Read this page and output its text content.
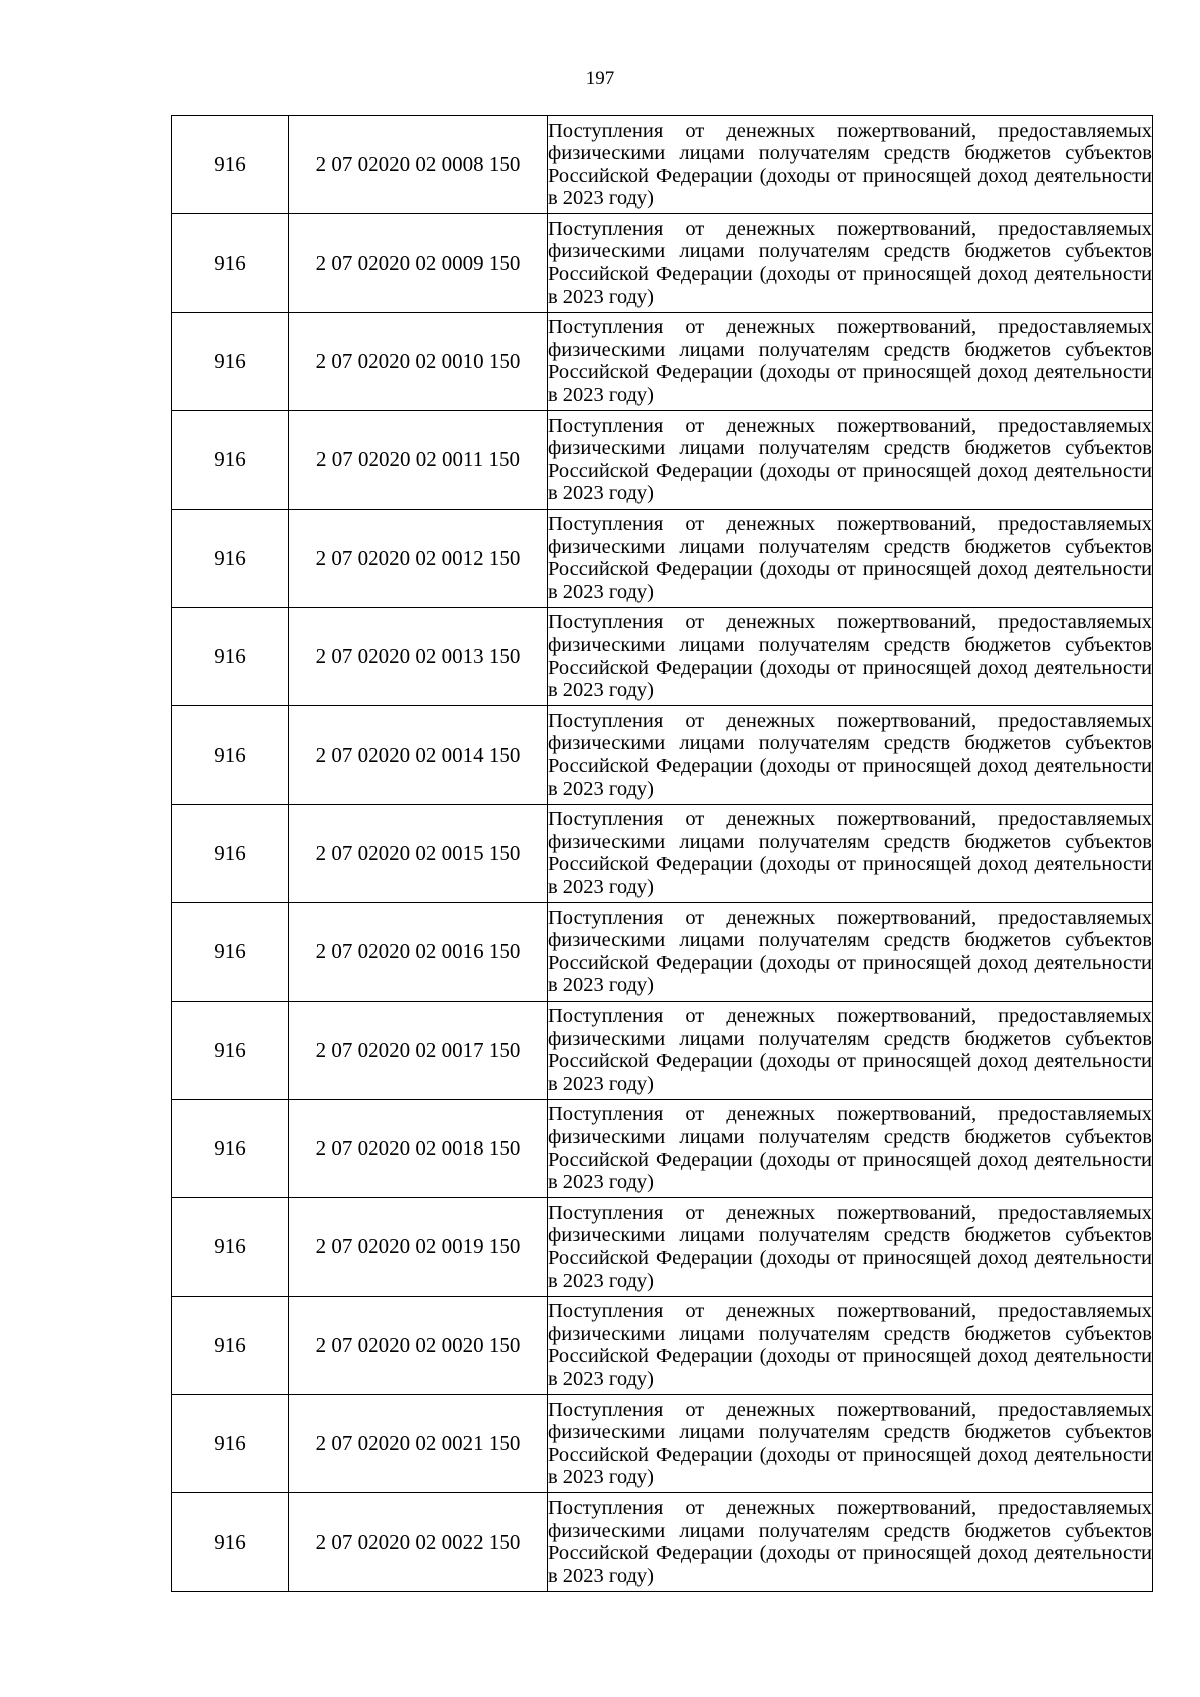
197
916	2 07 02020 02 0008 150	Поступления от денежных пожертвований, предоставляемых физическими лицами получателям средств бюджетов субъектов Российской Федерации (доходы от приносящей доход деятельности в 2023 году)
916	2 07 02020 02 0009 150	Поступления от денежных пожертвований, предоставляемых физическими лицами получателям средств бюджетов субъектов Российской Федерации (доходы от приносящей доход деятельности в 2023 году)
916	2 07 02020 02 0010 150	Поступления от денежных пожертвований, предоставляемых физическими лицами получателям средств бюджетов субъектов Российской Федерации (доходы от приносящей доход деятельности в 2023 году)
916	2 07 02020 02 0011 150	Поступления от денежных пожертвований, предоставляемых физическими лицами получателям средств бюджетов субъектов Российской Федерации (доходы от приносящей доход деятельности в 2023 году)
916	2 07 02020 02 0012 150	Поступления от денежных пожертвований, предоставляемых физическими лицами получателям средств бюджетов субъектов Российской Федерации (доходы от приносящей доход деятельности в 2023 году)
916	2 07 02020 02 0013 150	Поступления от денежных пожертвований, предоставляемых физическими лицами получателям средств бюджетов субъектов Российской Федерации (доходы от приносящей доход деятельности в 2023 году)
916	2 07 02020 02 0014 150	Поступления от денежных пожертвований, предоставляемых физическими лицами получателям средств бюджетов субъектов Российской Федерации (доходы от приносящей доход деятельности в 2023 году)
916	2 07 02020 02 0015 150	Поступления от денежных пожертвований, предоставляемых физическими лицами получателям средств бюджетов субъектов Российской Федерации (доходы от приносящей доход деятельности в 2023 году)
916	2 07 02020 02 0016 150	Поступления от денежных пожертвований, предоставляемых физическими лицами получателям средств бюджетов субъектов Российской Федерации (доходы от приносящей доход деятельности в 2023 году)
916	2 07 02020 02 0017 150	Поступления от денежных пожертвований, предоставляемых физическими лицами получателям средств бюджетов субъектов Российской Федерации (доходы от приносящей доход деятельности в 2023 году)
916	2 07 02020 02 0018 150	Поступления от денежных пожертвований, предоставляемых физическими лицами получателям средств бюджетов субъектов Российской Федерации (доходы от приносящей доход деятельности в 2023 году)
916	2 07 02020 02 0019 150	Поступления от денежных пожертвований, предоставляемых физическими лицами получателям средств бюджетов субъектов Российской Федерации (доходы от приносящей доход деятельности в 2023 году)
916	2 07 02020 02 0020 150	Поступления от денежных пожертвований, предоставляемых физическими лицами получателям средств бюджетов субъектов Российской Федерации (доходы от приносящей доход деятельности в 2023 году)
916	2 07 02020 02 0021 150	Поступления от денежных пожертвований, предоставляемых физическими лицами получателям средств бюджетов субъектов Российской Федерации (доходы от приносящей доход деятельности в 2023 году)
916	2 07 02020 02 0022 150	Поступления от денежных пожертвований, предоставляемых физическими лицами получателям средств бюджетов субъектов Российской Федерации (доходы от приносящей доход деятельности в 2023 году)
